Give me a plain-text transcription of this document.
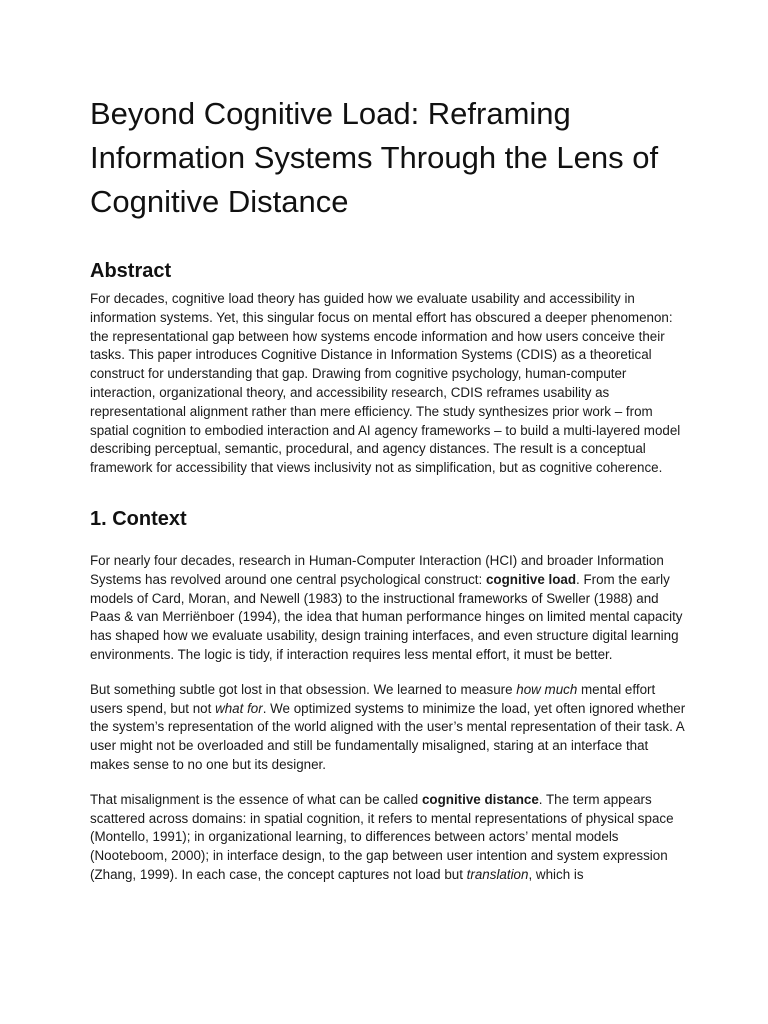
Beyond Cognitive Load: Reframing Information Systems Through the Lens of Cognitive Distance
Abstract

For decades, cognitive load theory has guided how we evaluate usability and accessibility in information systems. Yet, this singular focus on mental effort has obscured a deeper phenomenon: the representational gap between how systems encode information and how users conceive their tasks. This paper introduces Cognitive Distance in Information Systems (CDIS) as a theoretical construct for understanding that gap. Drawing from cognitive psychology, human-computer interaction, organizational theory, and accessibility research, CDIS reframes usability as representational alignment rather than mere efficiency. The study synthesizes prior work – from spatial cognition to embodied interaction and AI agency frameworks – to build a multi-layered model describing perceptual, semantic, procedural, and agency distances. The result is a conceptual framework for accessibility that views inclusivity not as simplification, but as cognitive coherence.

1. Context

For nearly four decades, research in Human-Computer Interaction (HCI) and broader Information Systems has revolved around one central psychological construct: cognitive load. From the early models of Card, Moran, and Newell (1983) to the instructional frameworks of Sweller (1988) and Paas & van Merriënboer (1994), the idea that human performance hinges on limited mental capacity has shaped how we evaluate usability, design training interfaces, and even structure digital learning environments. The logic is tidy, if interaction requires less mental effort, it must be better.

But something subtle got lost in that obsession. We learned to measure how much mental effort users spend, but not what for. We optimized systems to minimize the load, yet often ignored whether the system’s representation of the world aligned with the user’s mental representation of their task. A user might not be overloaded and still be fundamentally misaligned, staring at an interface that makes sense to no one but its designer.

That misalignment is the essence of what can be called cognitive distance. The term appears scattered across domains: in spatial cognition, it refers to mental representations of physical space (Montello, 1991); in organizational learning, to differences between actors’ mental models (Nooteboom, 2000); in interface design, to the gap between user intention and system expression (Zhang, 1999). In each case, the concept captures not load but translation, which is
